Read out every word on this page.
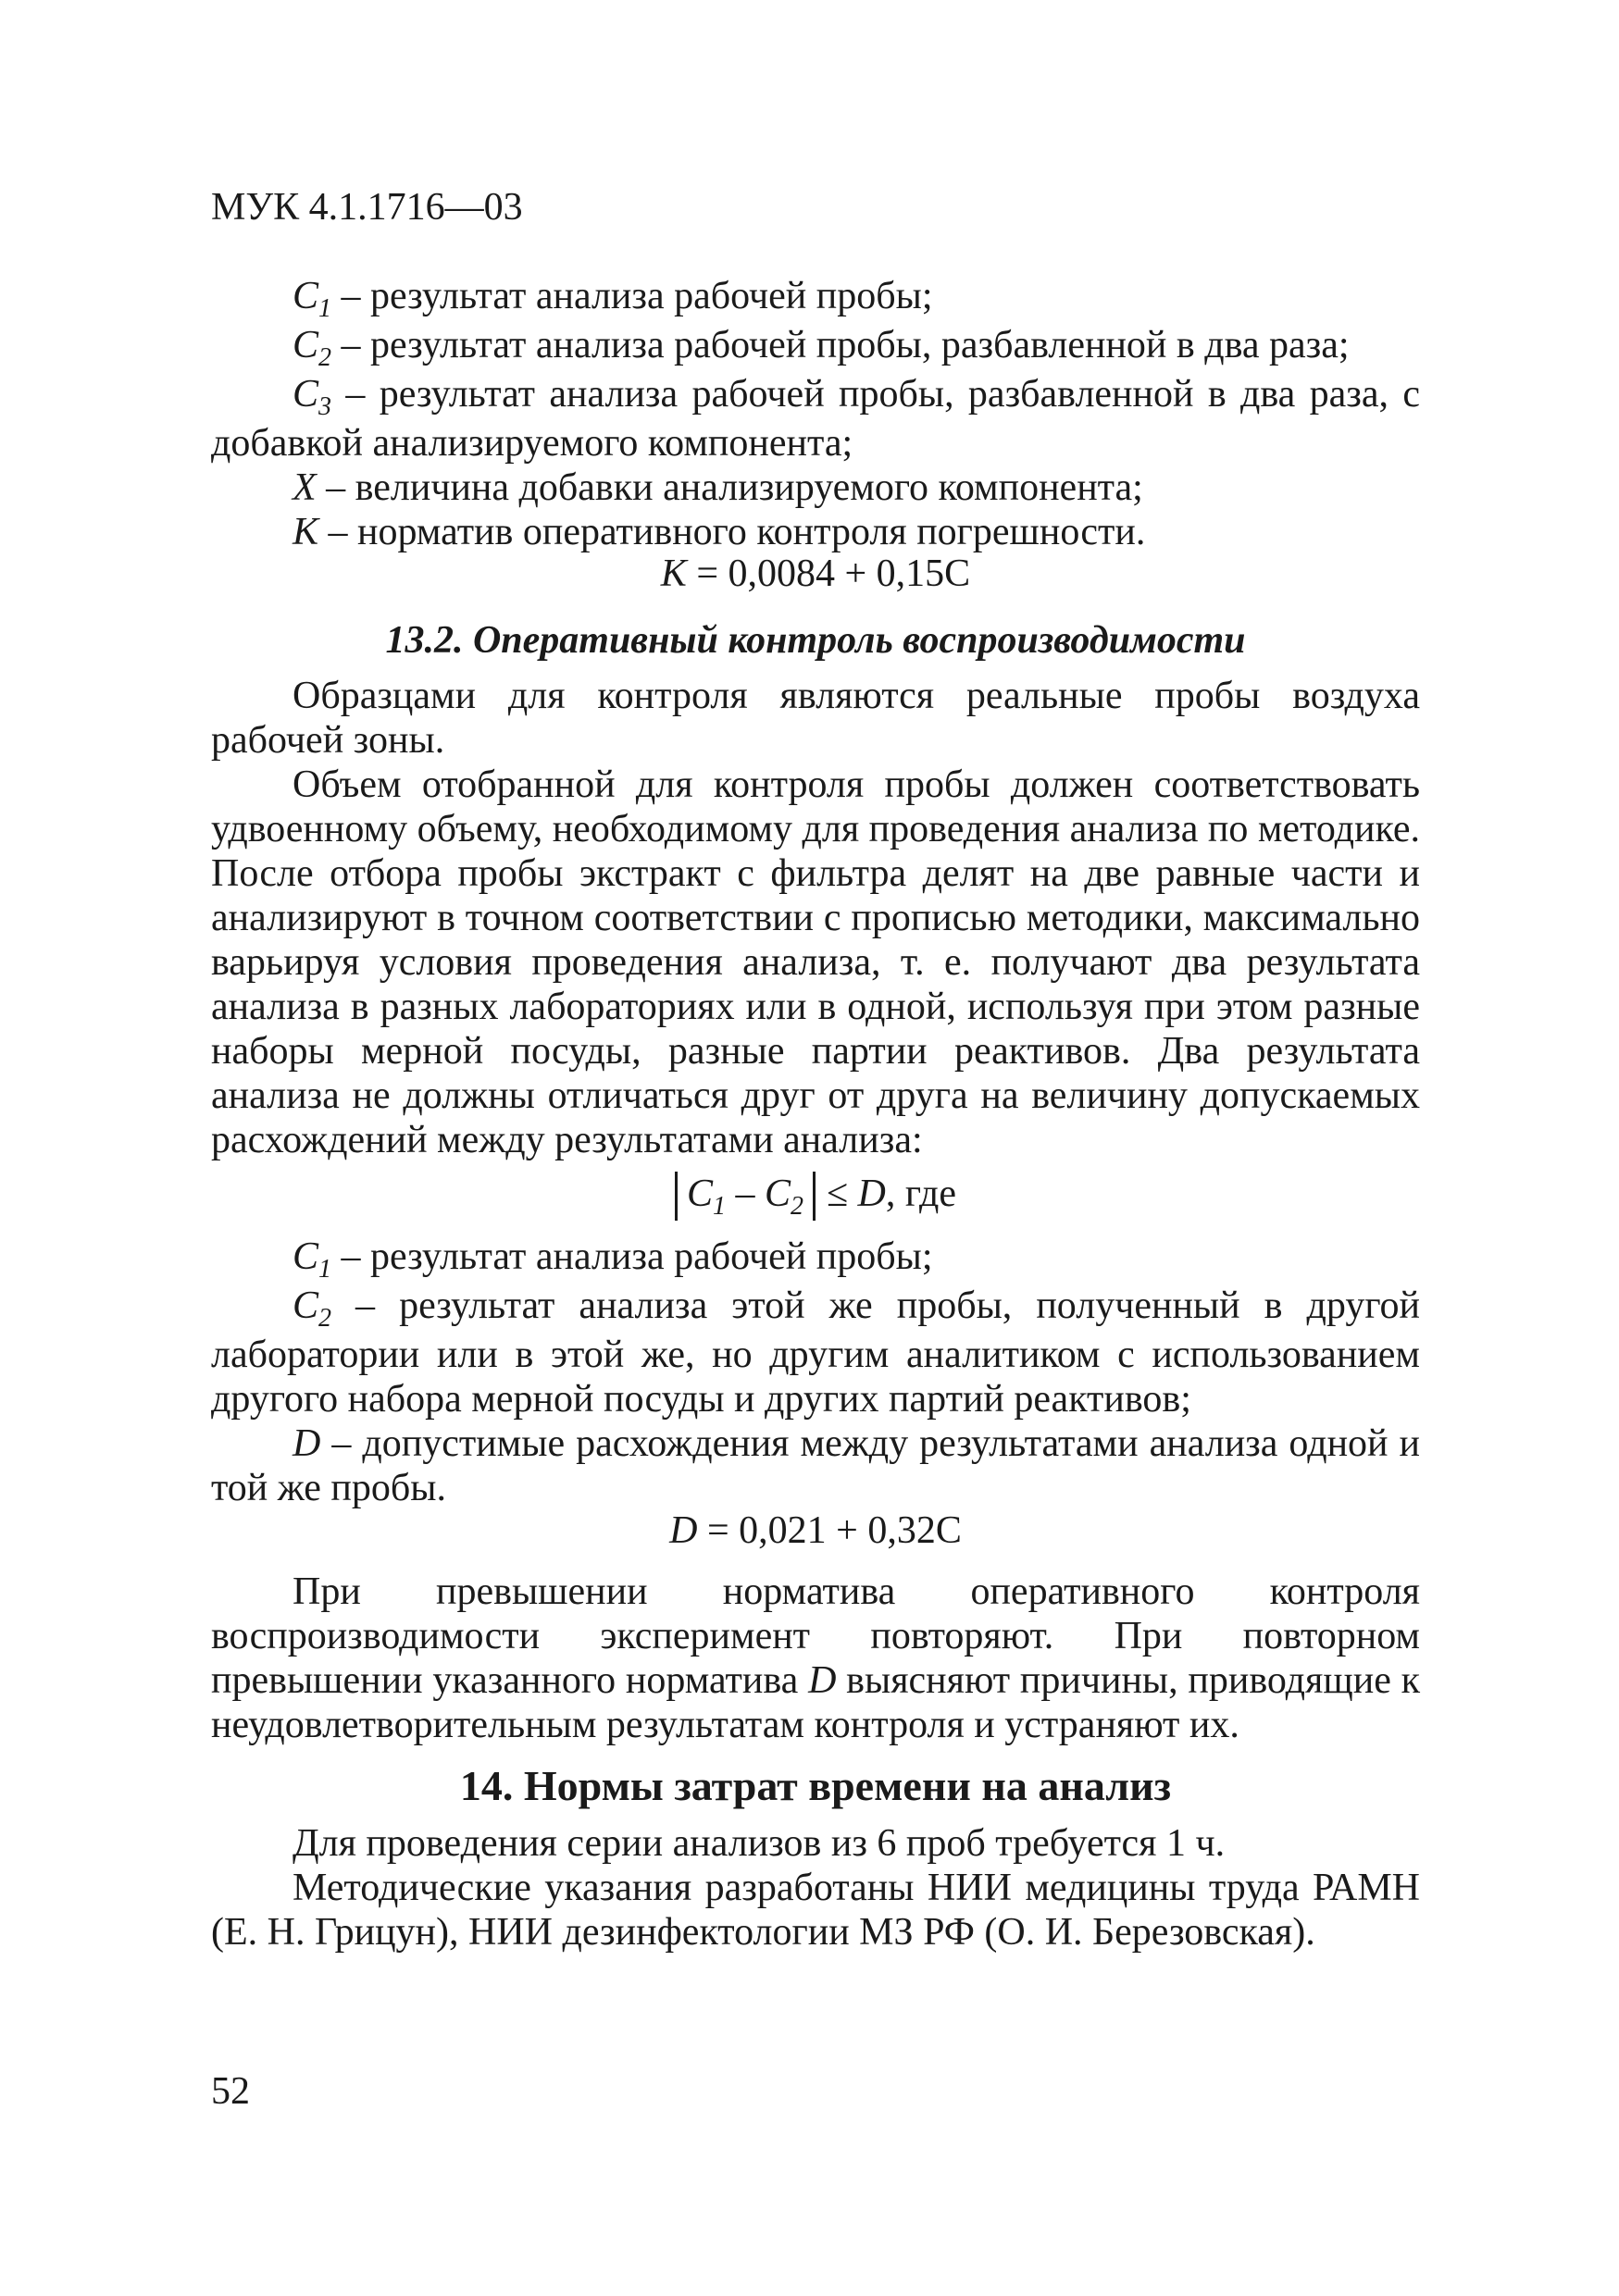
МУК 4.1.1716—03

$C_1$ – результат анализа рабочей пробы;

$C_2$ – результат анализа рабочей пробы, разбавленной в два раза;

$C_3$ – результат анализа рабочей пробы, разбавленной в два раза, с добавкой анализируемого компонента;

X – величина добавки анализируемого компонента;

K – норматив оперативного контроля погрешности.

K = 0,0084 + 0,15С

13.2. Оперативный контроль воспроизводимости

Образцами для контроля являются реальные пробы воздуха рабочей зоны.

Объем отобранной для контроля пробы должен соответствовать удвоенному объему, необходимому для проведения анализа по методике. После отбора пробы экстракт с фильтра делят на две равные части и анализируют в точном соответствии с прописью методики, максимально варьируя условия проведения анализа, т. е. получают два результата анализа в разных лабораториях или в одной, используя при этом разные наборы мерной посуды, разные партии реактивов. Два результата анализа не должны отличаться друг от друга на величину допускаемых расхождений между результатами анализа:

$C_1 - C_2 \le D$, где

$C_1$ – результат анализа рабочей пробы;

$C_2$ – результат анализа этой же пробы, полученный в другой лаборатории или в этой же, но другим аналитиком с использованием другого набора мерной посуды и других партий реактивов;

D – допустимые расхождения между результатами анализа одной и той же пробы.

D = 0,021 + 0,32С

При превышении норматива оперативного контроля воспроизводимости эксперимент повторяют. При повторном превышении указанного норматива D выясняют причины, приводящие к неудовлетворительным результатам контроля и устраняют их.

14. Нормы затрат времени на анализ

Для проведения серии анализов из 6 проб требуется 1 ч.

Методические указания разработаны НИИ медицины труда РАМН (Е. Н. Грицун), НИИ дезинфектологии МЗ РФ (О. И. Березовская).

52
